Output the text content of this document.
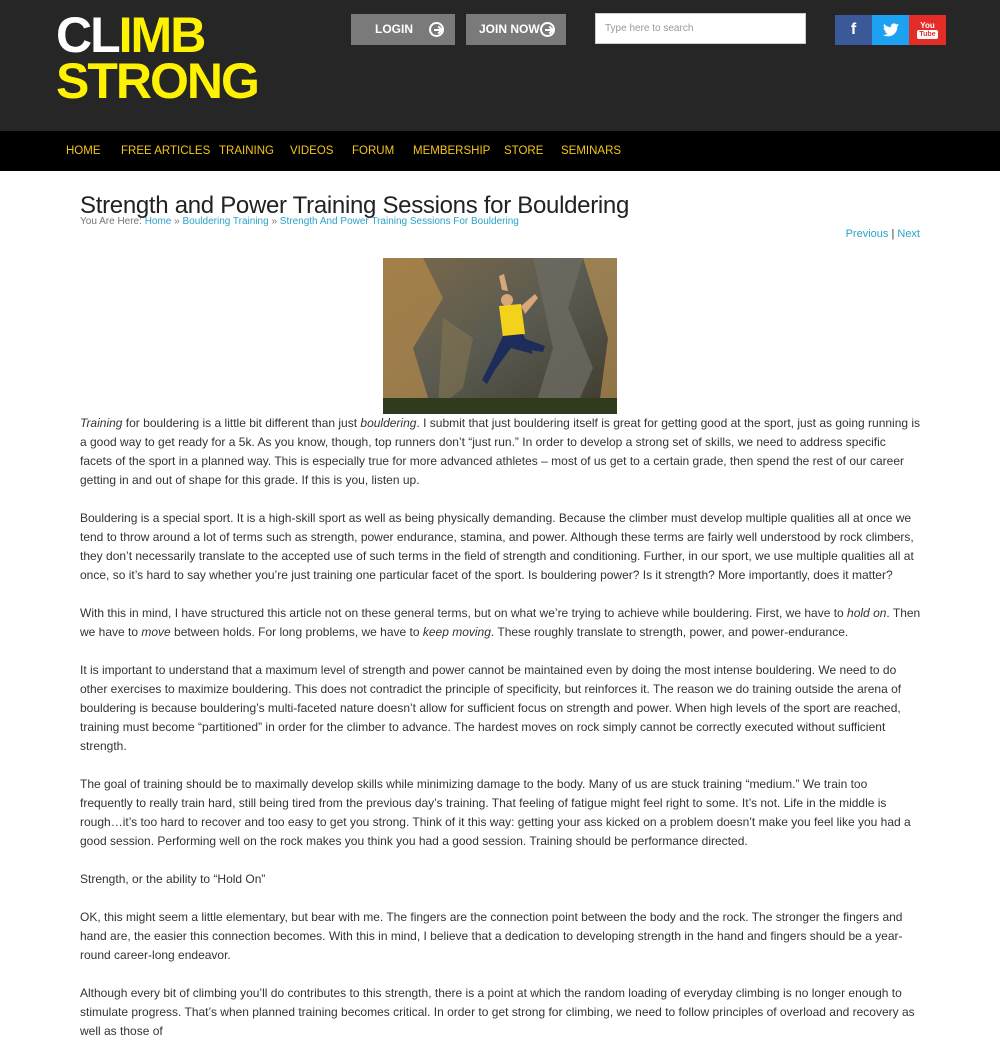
CLIMB
STRONG
LOGIN	JOIN NOW
Type here to search	f	You
Tube
HOME FREE ARTICLES TRAINING VIDEOS FORUM MEMBERSHIP STORE SEMINARS
Strength and Power Training Sessions for Bouldering
You Are Here: Home » Bouldering Training » Strength And Power Training Sessions For Bouldering
Previous | Next

Training for bouldering is a little bit different than just bouldering. I submit that just bouldering itself is great for getting good at the sport, just as going running is a good way to get ready for a 5k. As you know, though, top runners don’t “just run.” In order to develop a strong set of skills, we need to address specific facets of the sport in a planned way. This is especially true for more advanced athletes – most of us get to a certain grade, then spend the rest of our career getting in and out of shape for this grade. If this is you, listen up.

Bouldering is a special sport. It is a high-skill sport as well as being physically demanding. Because the climber must develop multiple qualities all at once we tend to throw around a lot of terms such as strength, power endurance, stamina, and power. Although these terms are fairly well understood by rock climbers, they don’t necessarily translate to the accepted use of such terms in the field of strength and conditioning. Further, in our sport, we use multiple qualities all at once, so it’s hard to say whether you’re just training one particular facet of the sport. Is bouldering power? Is it strength? More importantly, does it matter?

With this in mind, I have structured this article not on these general terms, but on what we’re trying to achieve while bouldering. First, we have to hold on. Then we have to move between holds. For long problems, we have to keep moving. These roughly translate to strength, power, and power-endurance.

It is important to understand that a maximum level of strength and power cannot be maintained even by doing the most intense bouldering. We need to do other exercises to maximize bouldering. This does not contradict the principle of specificity, but reinforces it. The reason we do training outside the arena of bouldering is because bouldering’s multi-faceted nature doesn’t allow for sufficient focus on strength and power. When high levels of the sport are reached, training must become “partitioned” in order for the climber to advance. The hardest moves on rock simply cannot be correctly executed without sufficient strength.

The goal of training should be to maximally develop skills while minimizing damage to the body. Many of us are stuck training “medium.” We train too frequently to really train hard, still being tired from the previous day’s training. That feeling of fatigue might feel right to some. It’s not. Life in the middle is rough…it’s too hard to recover and too easy to get you strong. Think of it this way: getting your ass kicked on a problem doesn’t make you feel like you had a good session. Performing well on the rock makes you think you had a good session. Training should be performance directed.

Strength, or the ability to “Hold On”

OK, this might seem a little elementary, but bear with me. The fingers are the connection point between the body and the rock. The stronger the fingers and hand are, the easier this connection becomes. With this in mind, I believe that a dedication to developing strength in the hand and fingers should be a year-round career-long endeavor.

Although every bit of climbing you’ll do contributes to this strength, there is a point at which the random loading of everyday climbing is no longer enough to stimulate progress. That’s when planned training becomes critical. In order to get strong for climbing, we need to follow principles of overload and recovery as well as those of
